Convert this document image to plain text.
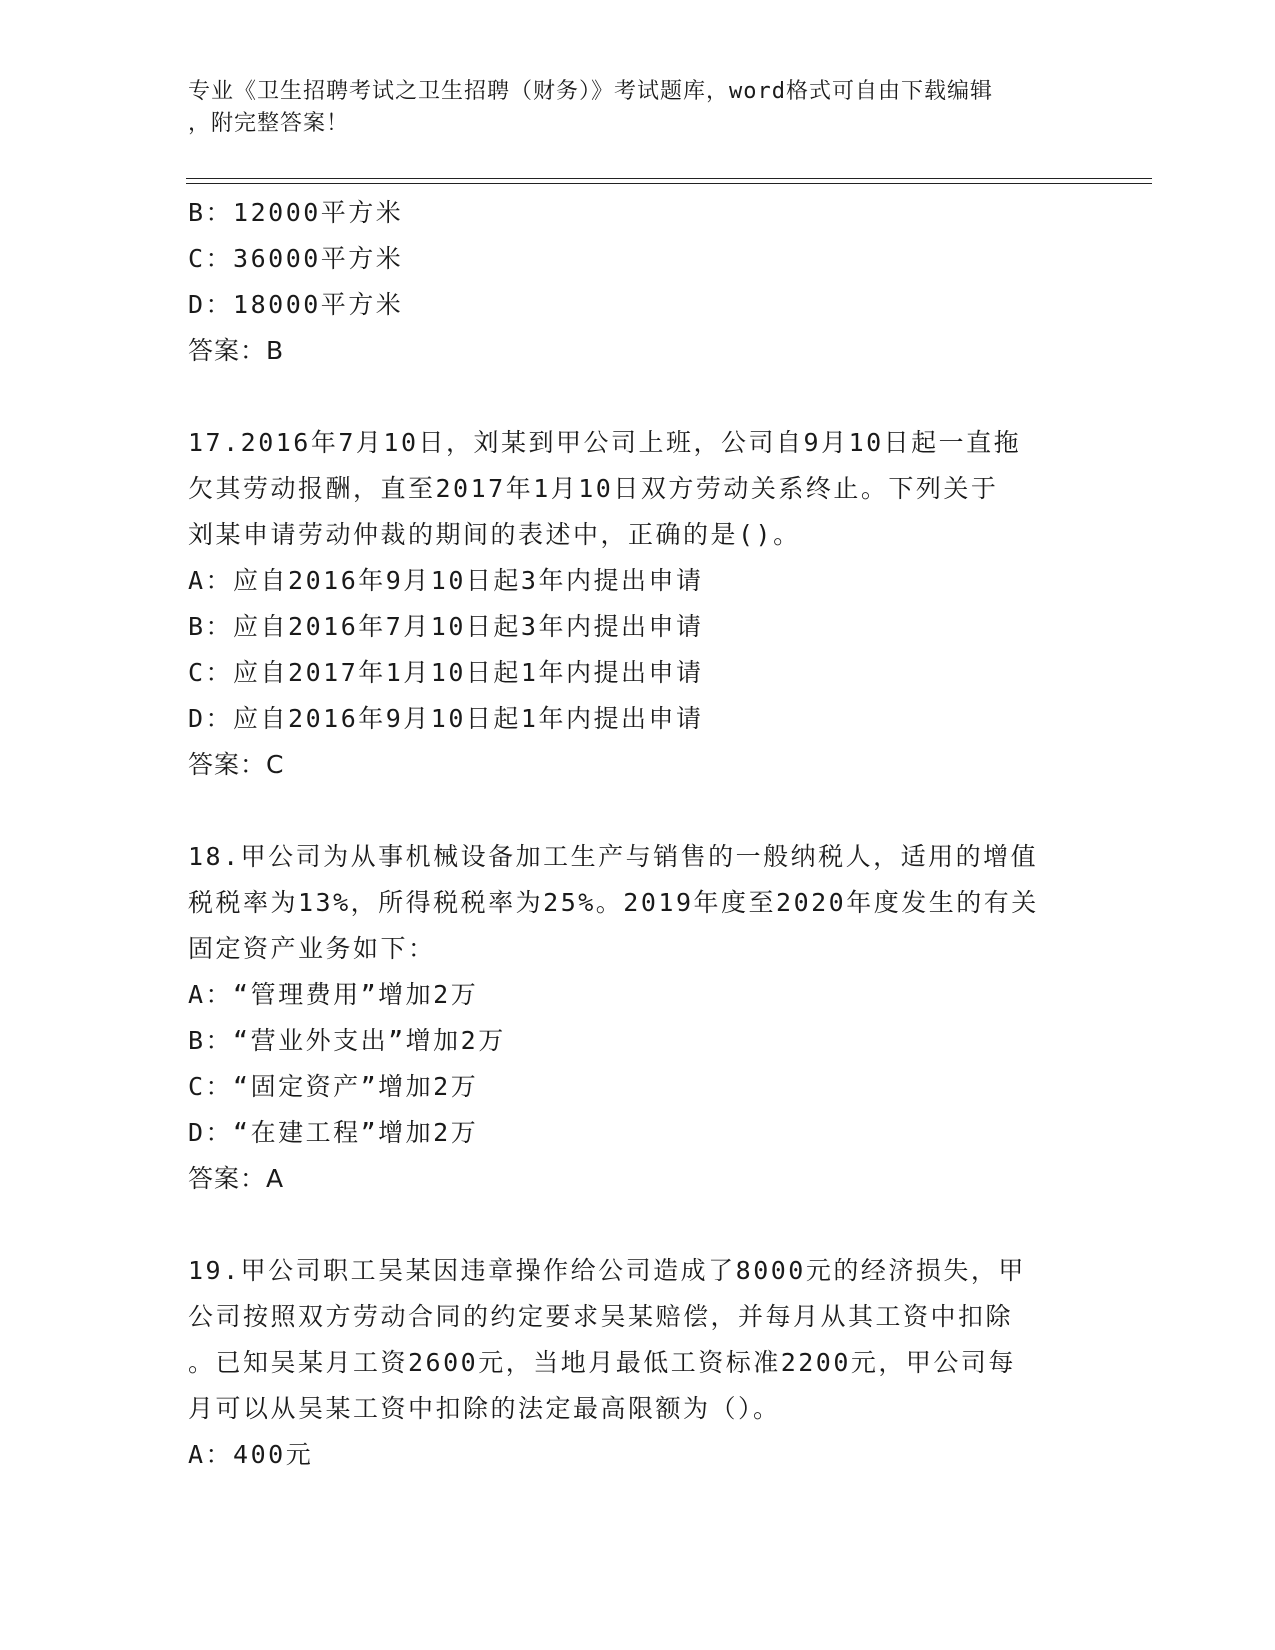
专业《卫生招聘考试之卫生招聘（财务）》考试题库，word格式可自由下载编辑
，附完整答案！
B：12000平方米
C：36000平方米
D：18000平方米
答案：B
17.2016年7月10日，刘某到甲公司上班，公司自9月10日起一直拖
欠其劳动报酬，直至2017年1月10日双方劳动关系终止。下列关于
刘某申请劳动仲裁的期间的表述中，正确的是()。
A：应自2016年9月10日起3年内提出申请
B：应自2016年7月10日起3年内提出申请
C：应自2017年1月10日起1年内提出申请
D：应自2016年9月10日起1年内提出申请
答案：C
18.甲公司为从事机械设备加工生产与销售的一般纳税人，适用的增值
税税率为13%，所得税税率为25%。2019年度至2020年度发生的有关
固定资产业务如下：
A：“管理费用”增加2万
B：“营业外支出”增加2万
C：“固定资产”增加2万
D：“在建工程”增加2万
答案：A
19.甲公司职工吴某因违章操作给公司造成了8000元的经济损失，甲
公司按照双方劳动合同的约定要求吴某赔偿，并每月从其工资中扣除
。已知吴某月工资2600元，当地月最低工资标准2200元，甲公司每
月可以从吴某工资中扣除的法定最高限额为（）。
A：400元
